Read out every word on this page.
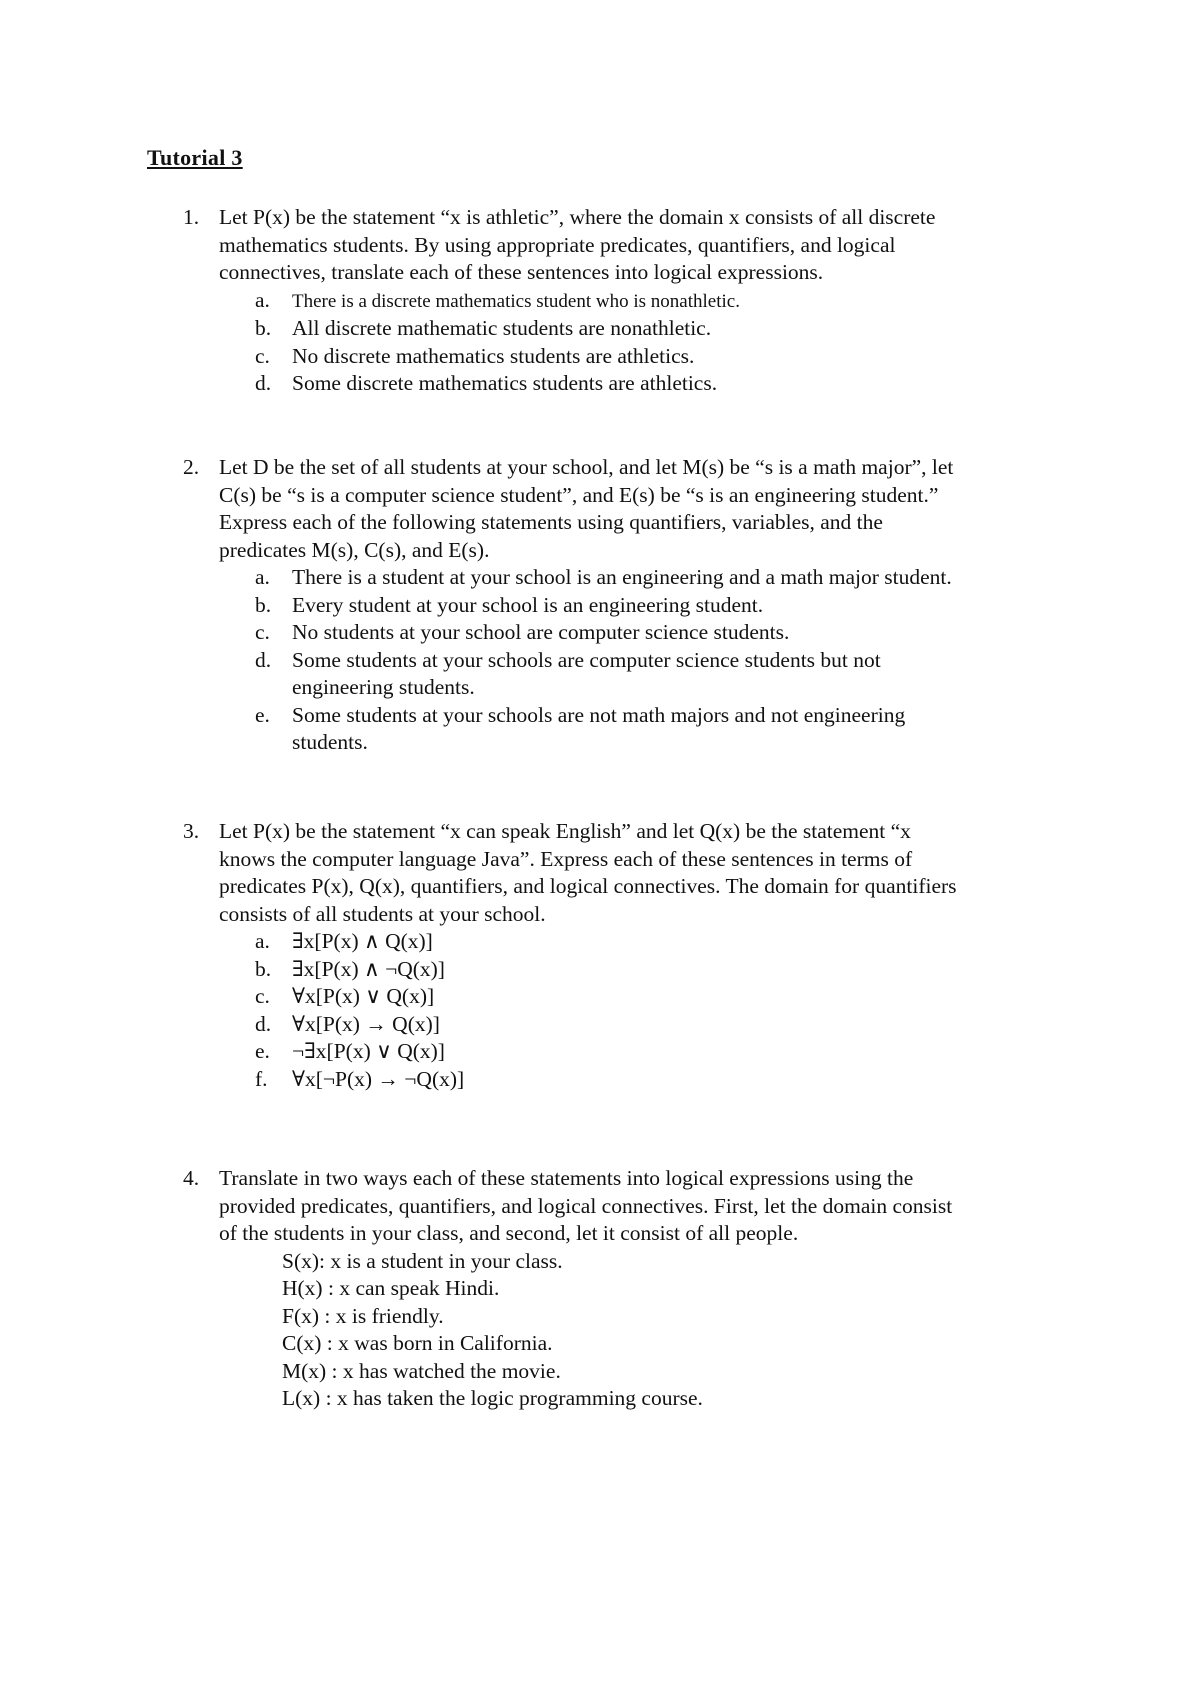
Tutorial 3
1. Let P(x) be the statement “x is athletic”, where the domain x consists of all discrete

mathematics students. By using appropriate predicates, quantifiers, and logical

connectives, translate each of these sentences into logical expressions.

a. There is a discrete mathematics student who is nonathletic.
b. All discrete mathematic students are nonathletic.
c. No discrete mathematics students are athletics.
d. Some discrete mathematics students are athletics.
2. Let D be the set of all students at your school, and let M(s) be “s is a math major”, let

C(s) be “s is a computer science student”, and E(s) be “s is an engineering student.”

Express each of the following statements using quantifiers, variables, and the

predicates M(s), C(s), and E(s).

a. There is a student at your school is an engineering and a math major student.
b. Every student at your school is an engineering student.
c. No students at your school are computer science students.
d. Some students at your schools are computer science students but not
engineering students.
e. Some students at your schools are not math majors and not engineering
students.
3. Let P(x) be the statement “x can speak English” and let Q(x) be the statement “x

knows the computer language Java”. Express each of these sentences in terms of

predicates P(x), Q(x), quantifiers, and logical connectives. The domain for quantifiers

consists of all students at your school.

a. ∃x[P(x) ∧ Q(x)]
b. ∃x[P(x) ∧ ¬Q(x)]
c. ∀x[P(x) ∨ Q(x)]
d. ∀x[P(x) → Q(x)]
e. ¬∃x[P(x) ∨ Q(x)]
f. ∀x[¬P(x) → ¬Q(x)]
4. Translate in two ways each of these statements into logical expressions using the

provided predicates, quantifiers, and logical connectives. First, let the domain consist

of the students in your class, and second, let it consist of all people.

S(x): x is a student in your class.
H(x) : x can speak Hindi.
F(x) : x is friendly.
C(x) : x was born in California.
M(x) : x has watched the movie.
L(x) : x has taken the logic programming course.
